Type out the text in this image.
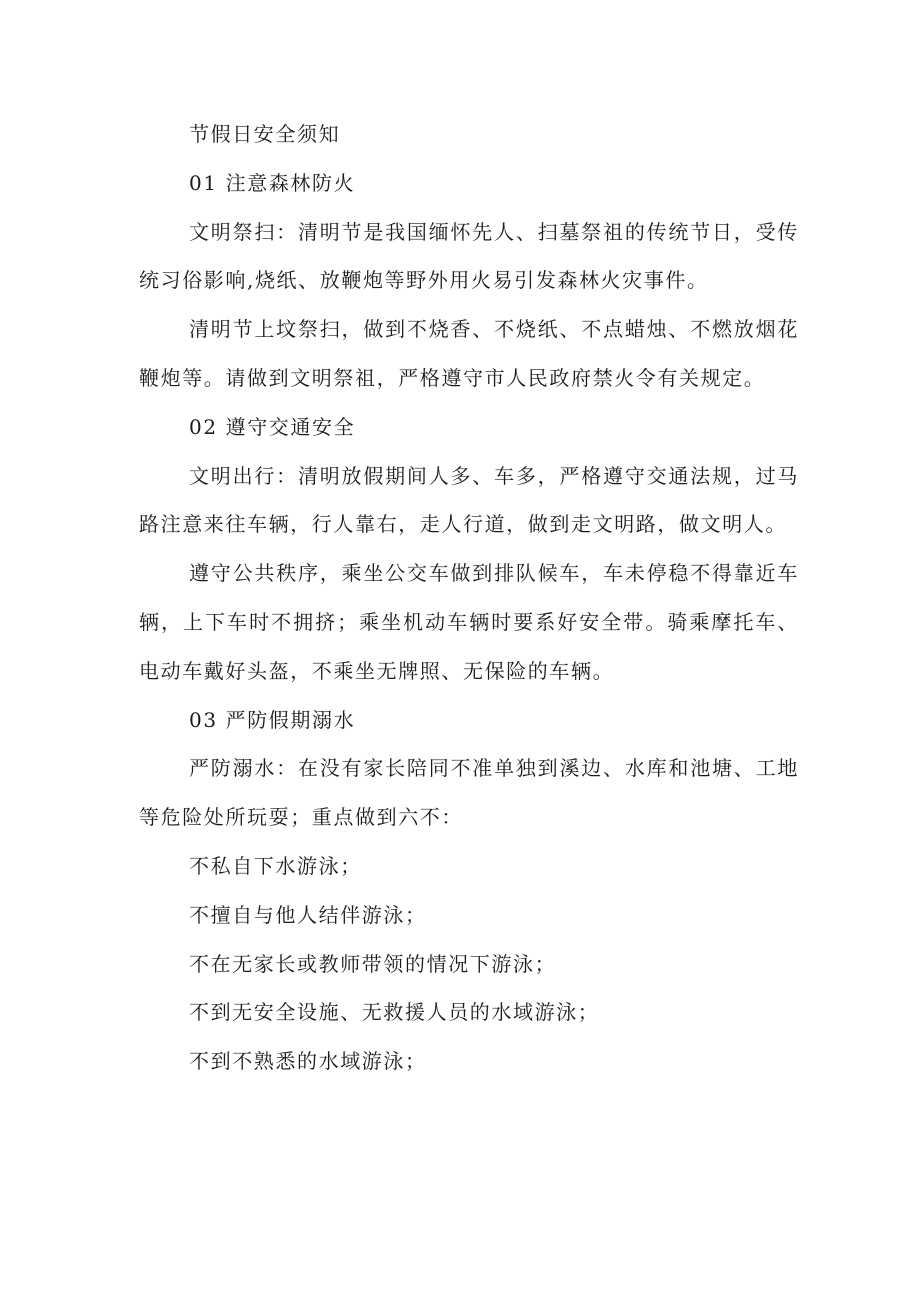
节假日安全须知

01 注意森林防火

文明祭扫：清明节是我国缅怀先人、扫墓祭祖的传统节日，受传统习俗影响,烧纸、放鞭炮等野外用火易引发森林火灾事件。

清明节上坟祭扫，做到不烧香、不烧纸、不点蜡烛、不燃放烟花鞭炮等。请做到文明祭祖，严格遵守市人民政府禁火令有关规定。

02 遵守交通安全

文明出行：清明放假期间人多、车多，严格遵守交通法规，过马路注意来往车辆，行人靠右，走人行道，做到走文明路，做文明人。

遵守公共秩序，乘坐公交车做到排队候车，车未停稳不得靠近车辆，上下车时不拥挤；乘坐机动车辆时要系好安全带。骑乘摩托车、电动车戴好头盔，不乘坐无牌照、无保险的车辆。

03 严防假期溺水

严防溺水：在没有家长陪同不准单独到溪边、水库和池塘、工地等危险处所玩耍；重点做到六不：

不私自下水游泳；

不擅自与他人结伴游泳；

不在无家长或教师带领的情况下游泳；

不到无安全设施、无救援人员的水域游泳；

不到不熟悉的水域游泳；
